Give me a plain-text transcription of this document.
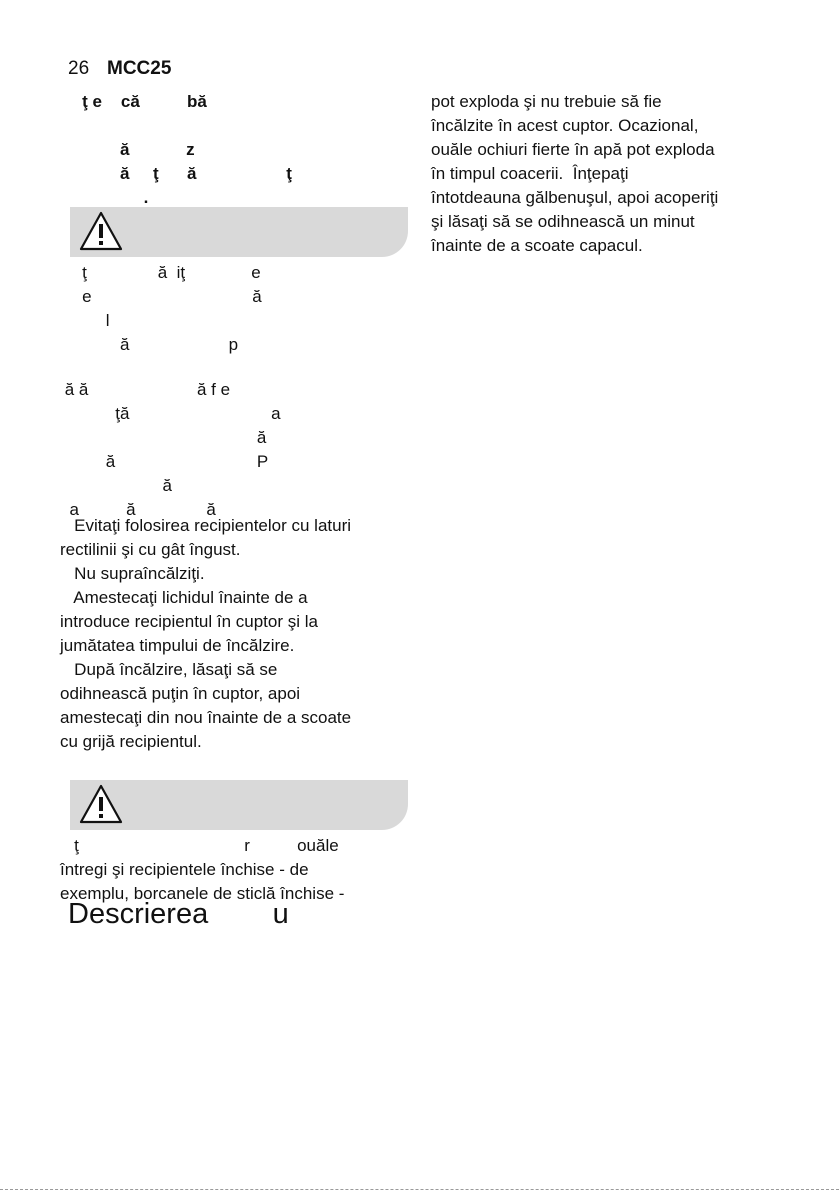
26 MCC25
ţ e    că          bă
ă            z
ă     ţ      ă                   ţ
.
ţ               ă  iţ              e
e                                  ă
l
ă                     p
ă ă                       ă f e
ţă                              a
ă
ă                              P
ă
a          ă               ă
Evitaţi folosirea recipientelor cu laturi
rectilinii şi cu gât îngust.
Nu supraîncălziţi.
Amestecaţi lichidul înainte de a
introduce recipientul în cuptor şi la
jumătatea timpului de încălzire.
După încălzire, lăsaţi să se
odihnească puţin în cuptor, apoi
amestecaţi din nou înainte de a scoate
cu grijă recipientul.
ţ                                   r          ouăle
întregi şi recipientele închise - de
exemplu, borcanele de sticlă închise -
Descrierea        u
pot exploda şi nu trebuie să fie
încălzite în acest cuptor. Ocazional,
ouăle ochiuri fierte în apă pot exploda
în timpul coacerii.  Înţepaţi
întotdeauna gălbenuşul, apoi acoperiţi
şi lăsaţi să se odihnească un minut
înainte de a scoate capacul.
